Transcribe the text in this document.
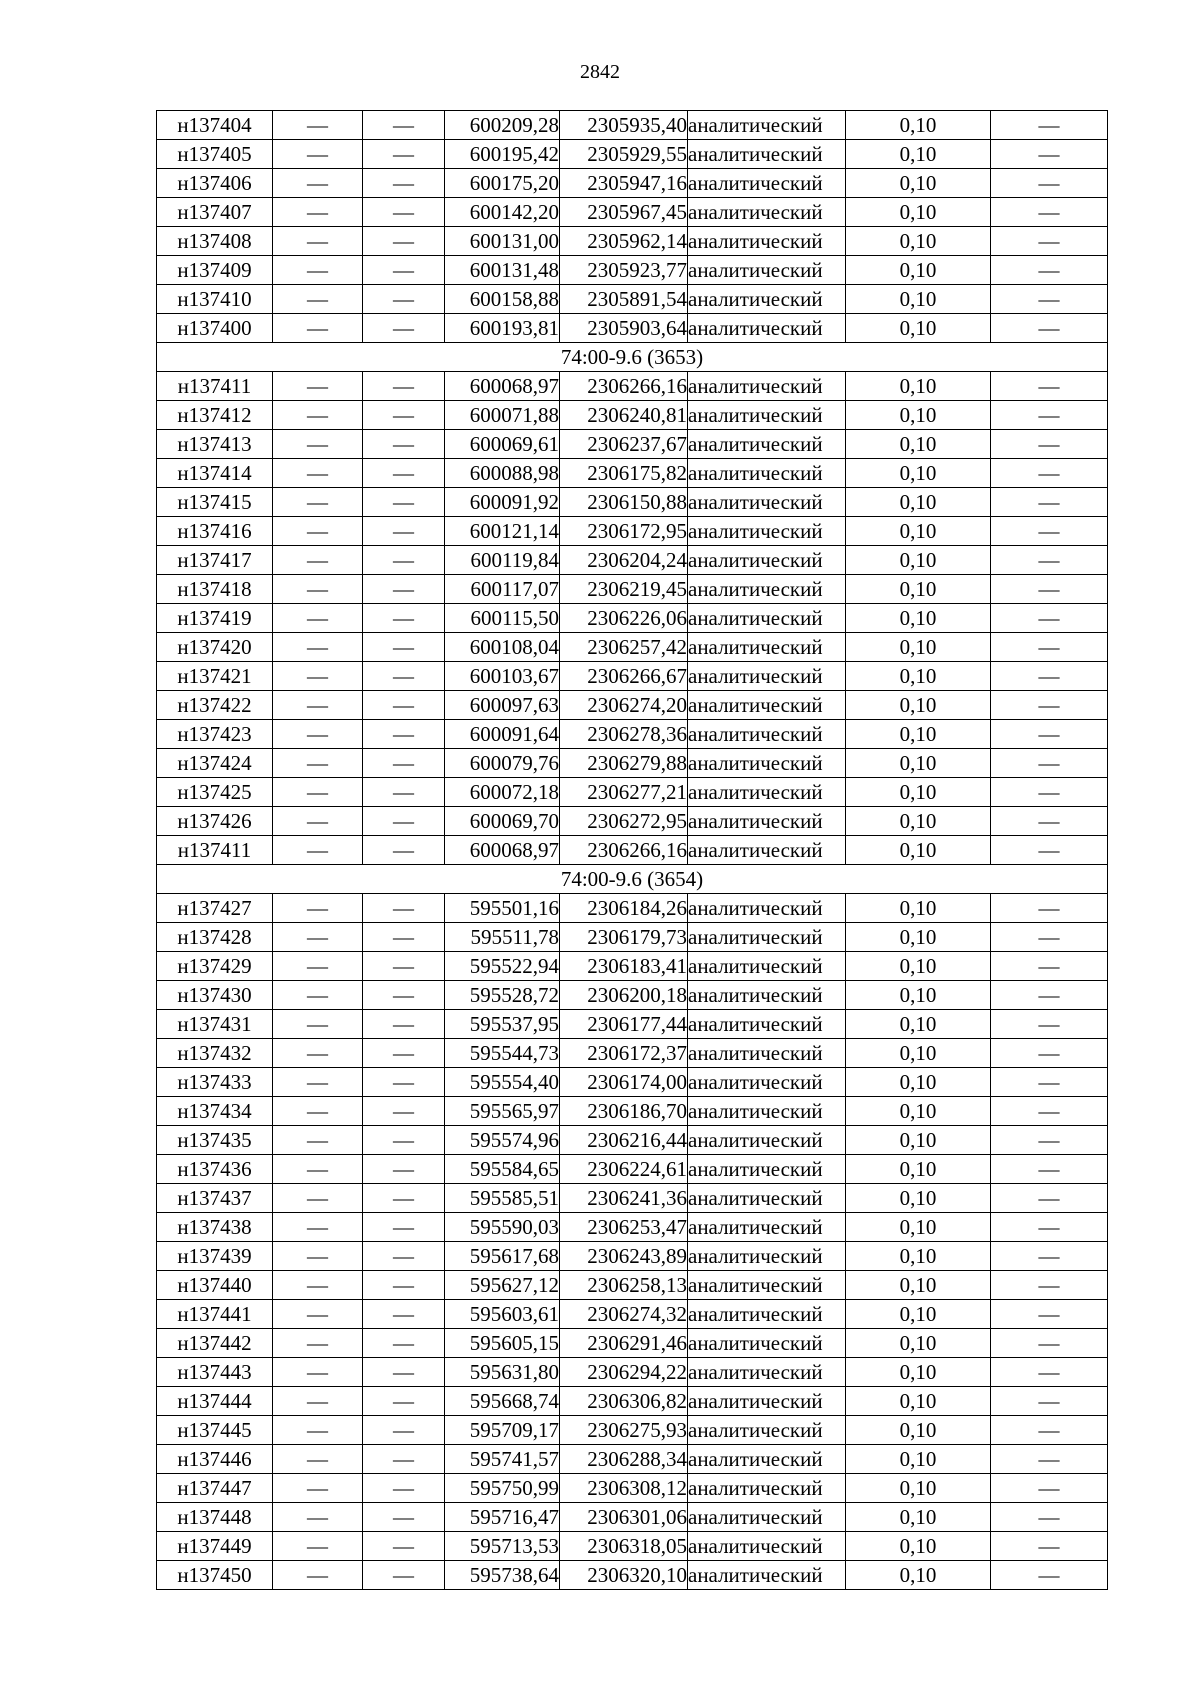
2842
н137404	—	—	600209,28	2305935,40	аналитический	0,10	—
н137405	—	—	600195,42	2305929,55	аналитический	0,10	—
н137406	—	—	600175,20	2305947,16	аналитический	0,10	—
н137407	—	—	600142,20	2305967,45	аналитический	0,10	—
н137408	—	—	600131,00	2305962,14	аналитический	0,10	—
н137409	—	—	600131,48	2305923,77	аналитический	0,10	—
н137410	—	—	600158,88	2305891,54	аналитический	0,10	—
н137400	—	—	600193,81	2305903,64	аналитический	0,10	—
74:00-9.6 (3653)							
н137411	—	—	600068,97	2306266,16	аналитический	0,10	—
н137412	—	—	600071,88	2306240,81	аналитический	0,10	—
н137413	—	—	600069,61	2306237,67	аналитический	0,10	—
н137414	—	—	600088,98	2306175,82	аналитический	0,10	—
н137415	—	—	600091,92	2306150,88	аналитический	0,10	—
н137416	—	—	600121,14	2306172,95	аналитический	0,10	—
н137417	—	—	600119,84	2306204,24	аналитический	0,10	—
н137418	—	—	600117,07	2306219,45	аналитический	0,10	—
н137419	—	—	600115,50	2306226,06	аналитический	0,10	—
н137420	—	—	600108,04	2306257,42	аналитический	0,10	—
н137421	—	—	600103,67	2306266,67	аналитический	0,10	—
н137422	—	—	600097,63	2306274,20	аналитический	0,10	—
н137423	—	—	600091,64	2306278,36	аналитический	0,10	—
н137424	—	—	600079,76	2306279,88	аналитический	0,10	—
н137425	—	—	600072,18	2306277,21	аналитический	0,10	—
н137426	—	—	600069,70	2306272,95	аналитический	0,10	—
н137411	—	—	600068,97	2306266,16	аналитический	0,10	—
74:00-9.6 (3654)							
н137427	—	—	595501,16	2306184,26	аналитический	0,10	—
н137428	—	—	595511,78	2306179,73	аналитический	0,10	—
н137429	—	—	595522,94	2306183,41	аналитический	0,10	—
н137430	—	—	595528,72	2306200,18	аналитический	0,10	—
н137431	—	—	595537,95	2306177,44	аналитический	0,10	—
н137432	—	—	595544,73	2306172,37	аналитический	0,10	—
н137433	—	—	595554,40	2306174,00	аналитический	0,10	—
н137434	—	—	595565,97	2306186,70	аналитический	0,10	—
н137435	—	—	595574,96	2306216,44	аналитический	0,10	—
н137436	—	—	595584,65	2306224,61	аналитический	0,10	—
н137437	—	—	595585,51	2306241,36	аналитический	0,10	—
н137438	—	—	595590,03	2306253,47	аналитический	0,10	—
н137439	—	—	595617,68	2306243,89	аналитический	0,10	—
н137440	—	—	595627,12	2306258,13	аналитический	0,10	—
н137441	—	—	595603,61	2306274,32	аналитический	0,10	—
н137442	—	—	595605,15	2306291,46	аналитический	0,10	—
н137443	—	—	595631,80	2306294,22	аналитический	0,10	—
н137444	—	—	595668,74	2306306,82	аналитический	0,10	—
н137445	—	—	595709,17	2306275,93	аналитический	0,10	—
н137446	—	—	595741,57	2306288,34	аналитический	0,10	—
н137447	—	—	595750,99	2306308,12	аналитический	0,10	—
н137448	—	—	595716,47	2306301,06	аналитический	0,10	—
н137449	—	—	595713,53	2306318,05	аналитический	0,10	—
н137450	—	—	595738,64	2306320,10	аналитический	0,10	—
